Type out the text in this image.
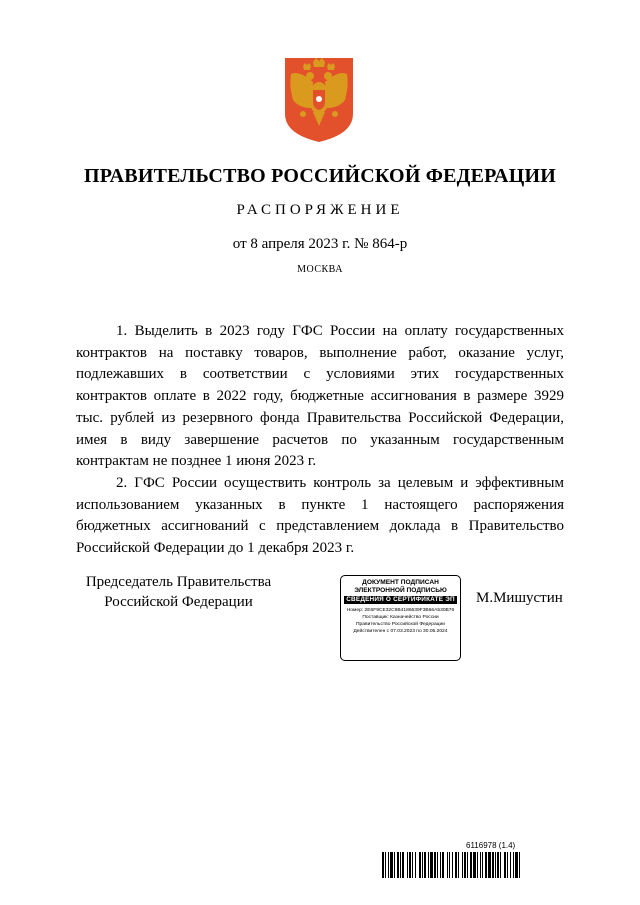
ПРАВИТЕЛЬСТВО РОССИЙСКОЙ ФЕДЕРАЦИИ
РАСПОРЯЖЕНИЕ
от 8 апреля 2023 г. № 864-р
МОСКВА

1. Выделить в 2023 году ГФС России на оплату государственных контрактов на поставку товаров, выполнение работ, оказание услуг, подлежавших в соответствии с условиями этих государственных контрактов оплате в 2022 году, бюджетные ассигнования в размере 3929 тыс. рублей из резервного фонда Правительства Российской Федерации, имея в виду завершение расчетов по указанным государственным контрактам не позднее 1 июня 2023 г.

2. ГФС России осуществить контроль за целевым и эффективным использованием указанных в пункте 1 настоящего распоряжения бюджетных ассигнований с представлением доклада в Правительство Российской Федерации до 1 декабря 2023 г.

Председатель Правительства
Российской Федерации
ДОКУМЕНТ ПОДПИСАН
ЭЛЕКТРОННОЙ ПОДПИСЬЮ
СВЕДЕНИЯ О СЕРТИФИКАТЕ ЭП
Номер: 2E6F9CE32C9B4186639F3B66A530B76
Поставщик: Казначейство России
Правительство Российской Федерации
Действителен с 07.03.2023 по 30.05.2024
М.Мишустин
6116978 (1.4)
